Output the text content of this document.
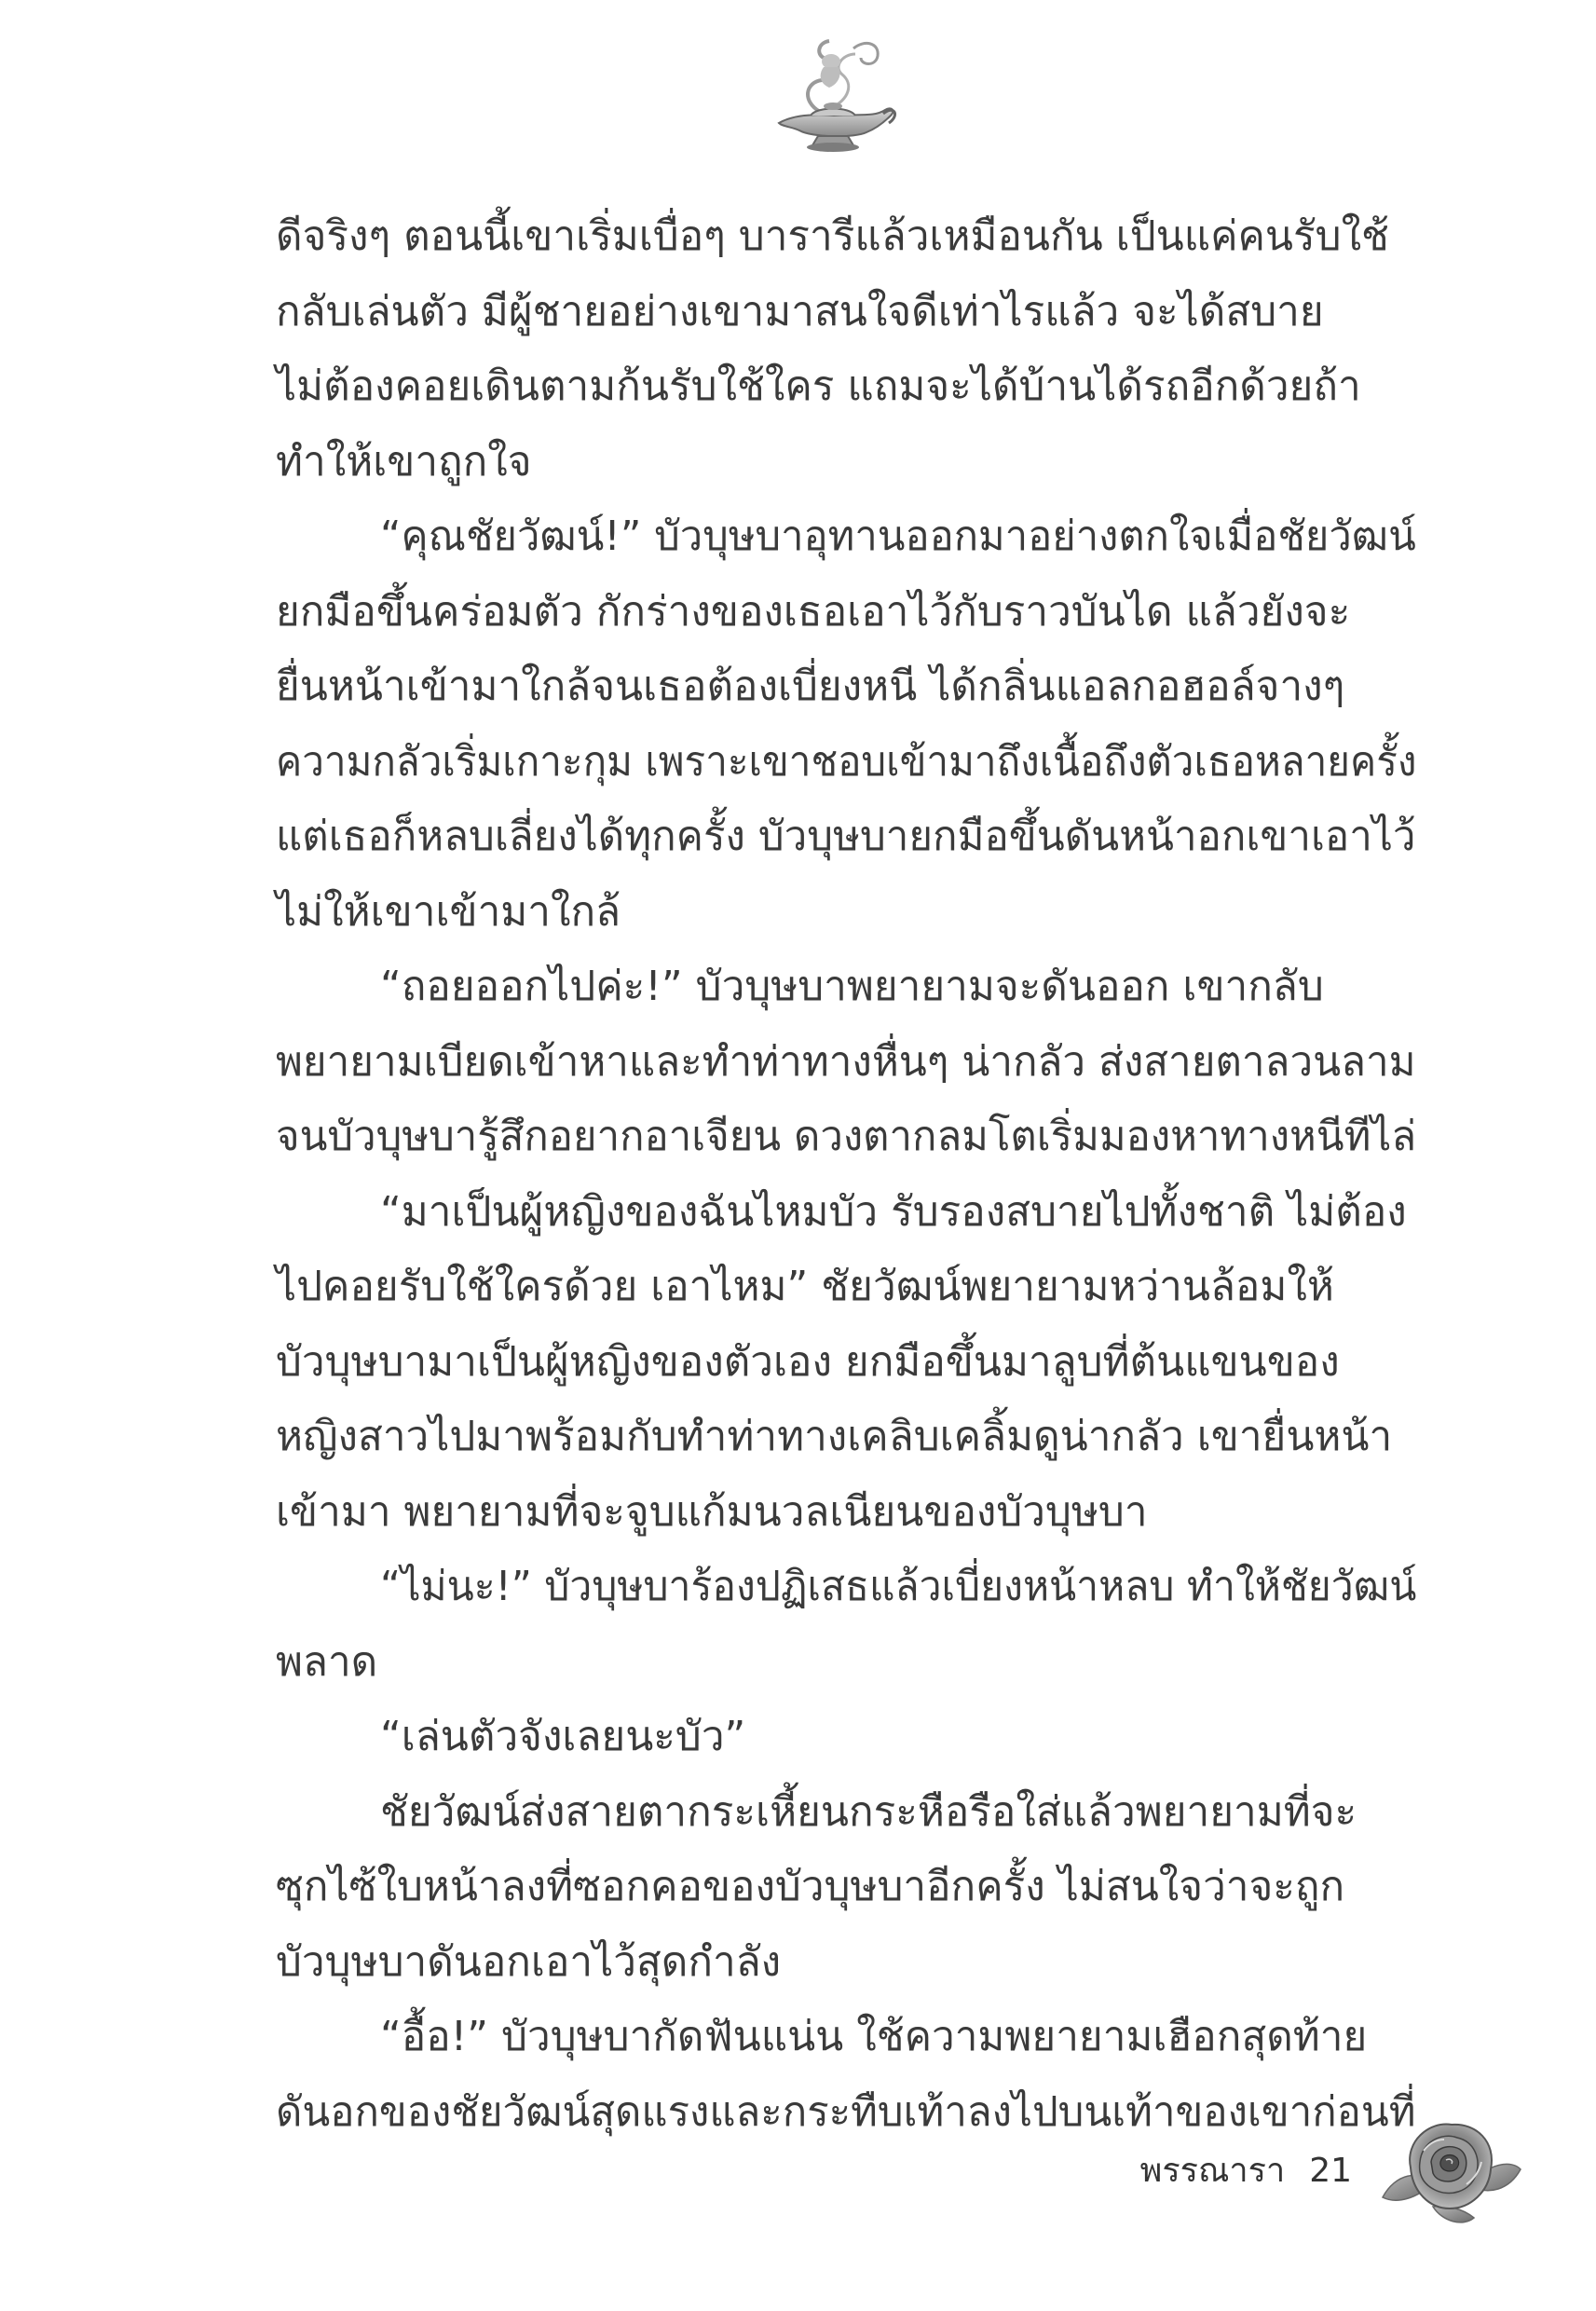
ดีจริงๆ ตอนนี้เขาเริ่มเบื่อๆ บารารีแล้วเหมือนกัน เป็นแค่คนรับใช้
กลับเล่นตัว มีผู้ชายอย่างเขามาสนใจดีเท่าไรแล้ว จะได้สบาย
ไม่ต้องคอยเดินตามก้นรับใช้ใคร แถมจะได้บ้านได้รถอีกด้วยถ้า
ทำให้เขาถูกใจ
“คุณชัยวัฒน์!” บัวบุษบาอุทานออกมาอย่างตกใจเมื่อชัยวัฒน์
ยกมือขึ้นคร่อมตัว กักร่างของเธอเอาไว้กับราวบันได แล้วยังจะ
ยื่นหน้าเข้ามาใกล้จนเธอต้องเบี่ยงหนี ได้กลิ่นแอลกอฮอล์จางๆ
ความกลัวเริ่มเกาะกุม เพราะเขาชอบเข้ามาถึงเนื้อถึงตัวเธอหลายครั้ง
แต่เธอก็หลบเลี่ยงได้ทุกครั้ง บัวบุษบายกมือขึ้นดันหน้าอกเขาเอาไว้
ไม่ให้เขาเข้ามาใกล้
“ถอยออกไปค่ะ!” บัวบุษบาพยายามจะดันออก เขากลับ
พยายามเบียดเข้าหาและทำท่าทางหื่นๆ น่ากลัว ส่งสายตาลวนลาม
จนบัวบุษบารู้สึกอยากอาเจียน ดวงตากลมโตเริ่มมองหาทางหนีทีไล่
“มาเป็นผู้หญิงของฉันไหมบัว รับรองสบายไปทั้งชาติ ไม่ต้อง
ไปคอยรับใช้ใครด้วย เอาไหม” ชัยวัฒน์พยายามหว่านล้อมให้
บัวบุษบามาเป็นผู้หญิงของตัวเอง ยกมือขึ้นมาลูบที่ต้นแขนของ
หญิงสาวไปมาพร้อมกับทำท่าทางเคลิบเคลิ้มดูน่ากลัว เขายื่นหน้า
เข้ามา พยายามที่จะจูบแก้มนวลเนียนของบัวบุษบา
“ไม่นะ!” บัวบุษบาร้องปฏิเสธแล้วเบี่ยงหน้าหลบ ทำให้ชัยวัฒน์
พลาด
“เล่นตัวจังเลยนะบัว”
ชัยวัฒน์ส่งสายตากระเหี้ยนกระหือรือใส่แล้วพยายามที่จะ
ซุกไซ้ใบหน้าลงที่ซอกคอของบัวบุษบาอีกครั้ง ไม่สนใจว่าจะถูก
บัวบุษบาดันอกเอาไว้สุดกำลัง
“อื้อ!” บัวบุษบากัดฟันแน่น ใช้ความพยายามเฮือกสุดท้าย
ดันอกของชัยวัฒน์สุดแรงและกระทืบเท้าลงไปบนเท้าของเขาก่อนที่
พรรณารา 21
